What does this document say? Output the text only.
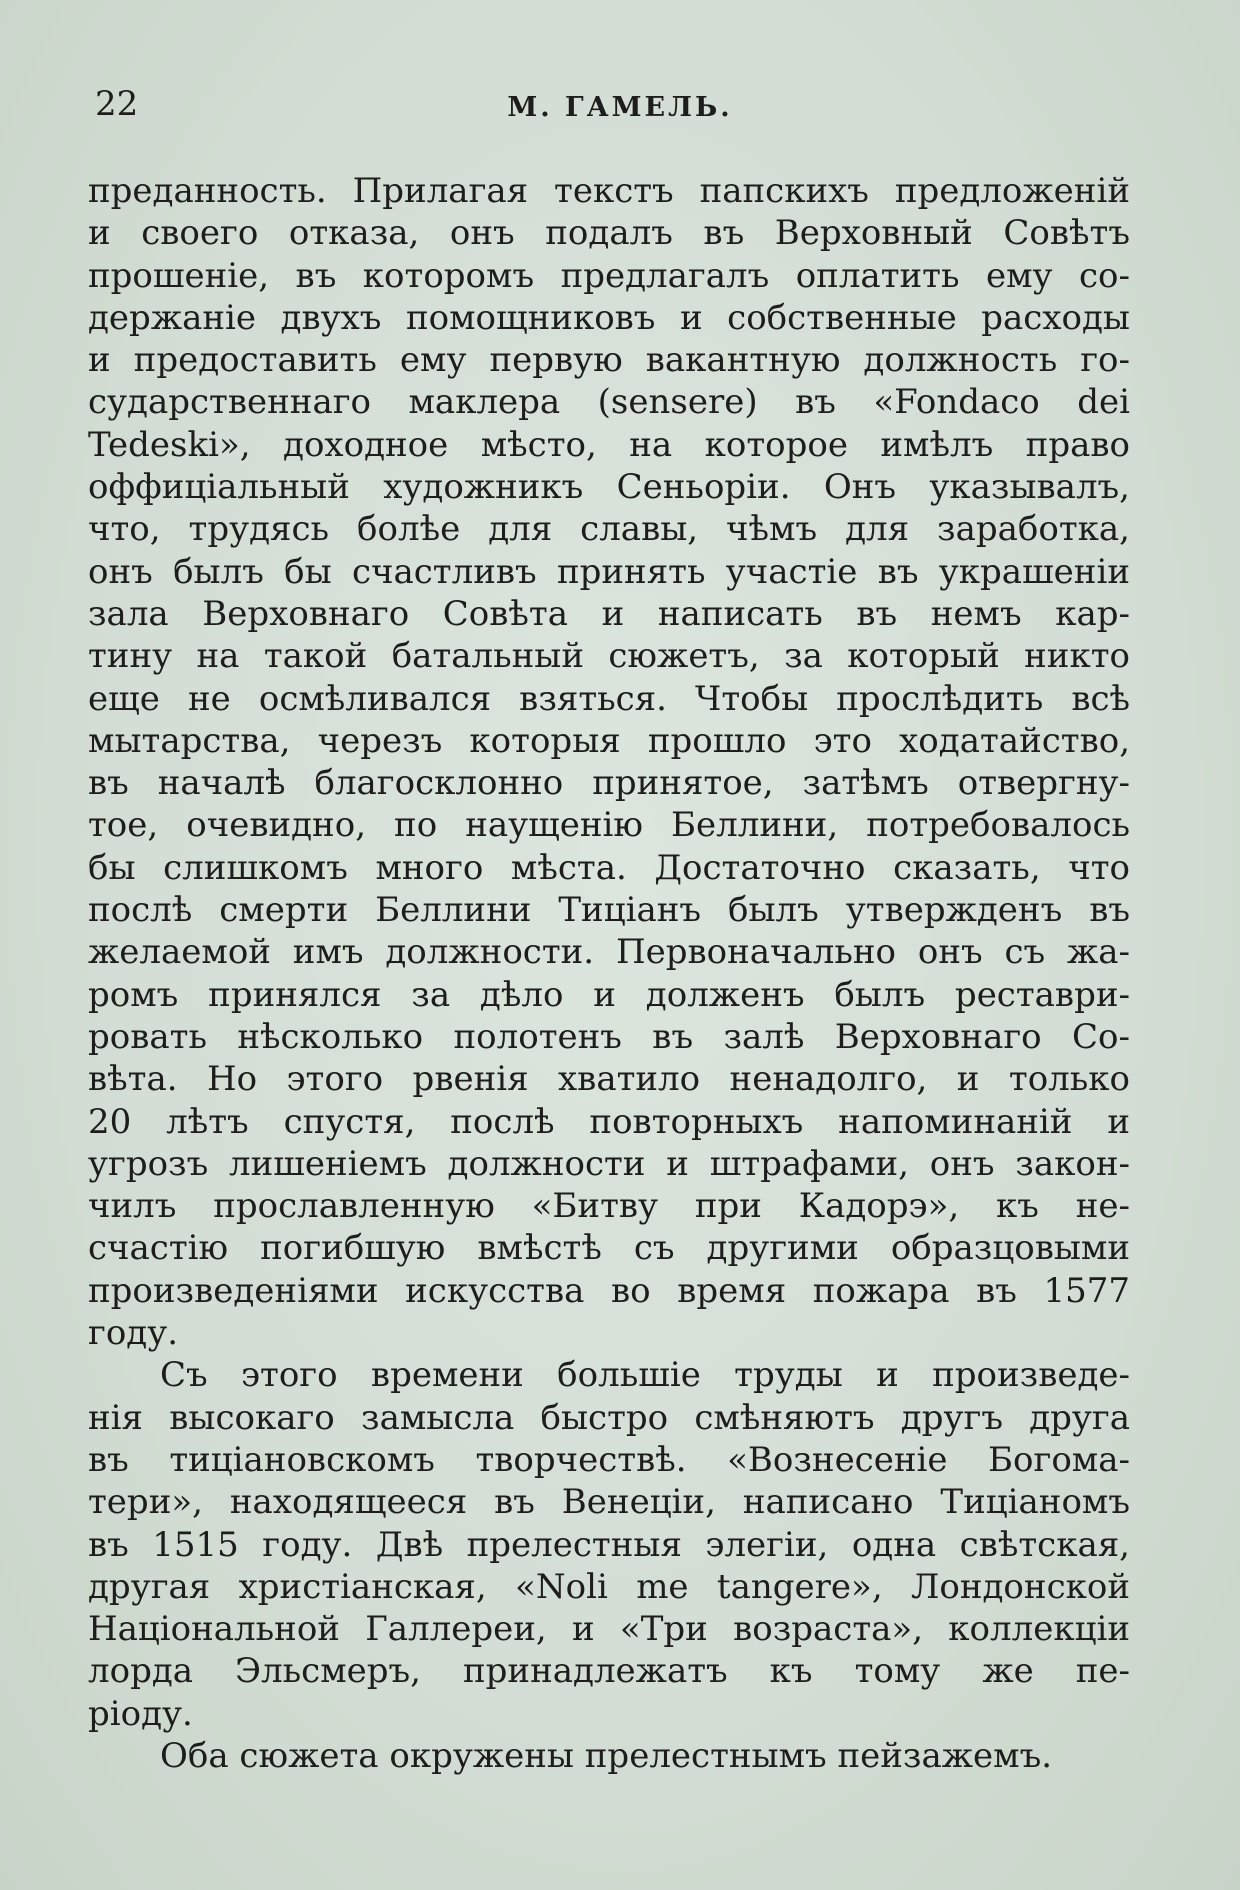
22	М. ГАМЕЛЬ.
преданность. Прилагая текстъ папскихъ предложенiй
и своего отказа, онъ подалъ въ Верховный Совѣтъ
прошенiе, въ которомъ предлагалъ оплатить ему со-
держанiе двухъ помощниковъ и собственные расходы
и предоставить ему первую вакантную должность го-
сударственнаго маклера (sensere) въ «Fondaco dei
Tedeski», доходное мѣсто, на которое имѣлъ право
оффицiальный художникъ Сеньорiи. Онъ указывалъ,
что, трудясь болѣе для славы, чѣмъ для заработка,
онъ былъ бы счастливъ принять участiе въ украшенiи
зала Верховнаго Совѣта и написать въ немъ кар-
тину на такой батальный сюжетъ, за который никто
еще не осмѣливался взяться. Чтобы прослѣдить всѣ
мытарства, черезъ которыя прошло это ходатайство,
въ началѣ благосклонно принятое, затѣмъ отвергну-
тое, очевидно, по наущенiю Беллини, потребовалось
бы слишкомъ много мѣста. Достаточно сказать, что
послѣ смерти Беллини Тицiанъ былъ утвержденъ въ
желаемой имъ должности. Первоначально онъ съ жа-
ромъ принялся за дѣло и долженъ былъ реставри-
ровать нѣсколько полотенъ въ залѣ Верховнаго Со-
вѣта. Но этого рвенiя хватило ненадолго, и только
20 лѣтъ спустя, послѣ повторныхъ напоминанiй и
угрозъ лишенiемъ должности и штрафами, онъ закон-
чилъ прославленную «Битву при Кадорэ», къ не-
счастiю погибшую вмѣстѣ съ другими образцовыми
произведенiями искусства во время пожара въ 1577
году.
Съ этого времени большiе труды и произведе-
нiя высокаго замысла быстро смѣняютъ другъ друга
въ тицiановскомъ творчествѣ. «Вознесенiе Богома-
тери», находящееся въ Венецiи, написано Тицiаномъ
въ 1515 году. Двѣ прелестныя элегiи, одна свѣтская,
другая христiанская, «Noli me tangere», Лондонской
Нацiональной Галлереи, и «Три возраста», коллекцiи
лорда Эльсмеръ, принадлежатъ къ тому же пе-
рiоду.
Оба сюжета окружены прелестнымъ пейзажемъ.
